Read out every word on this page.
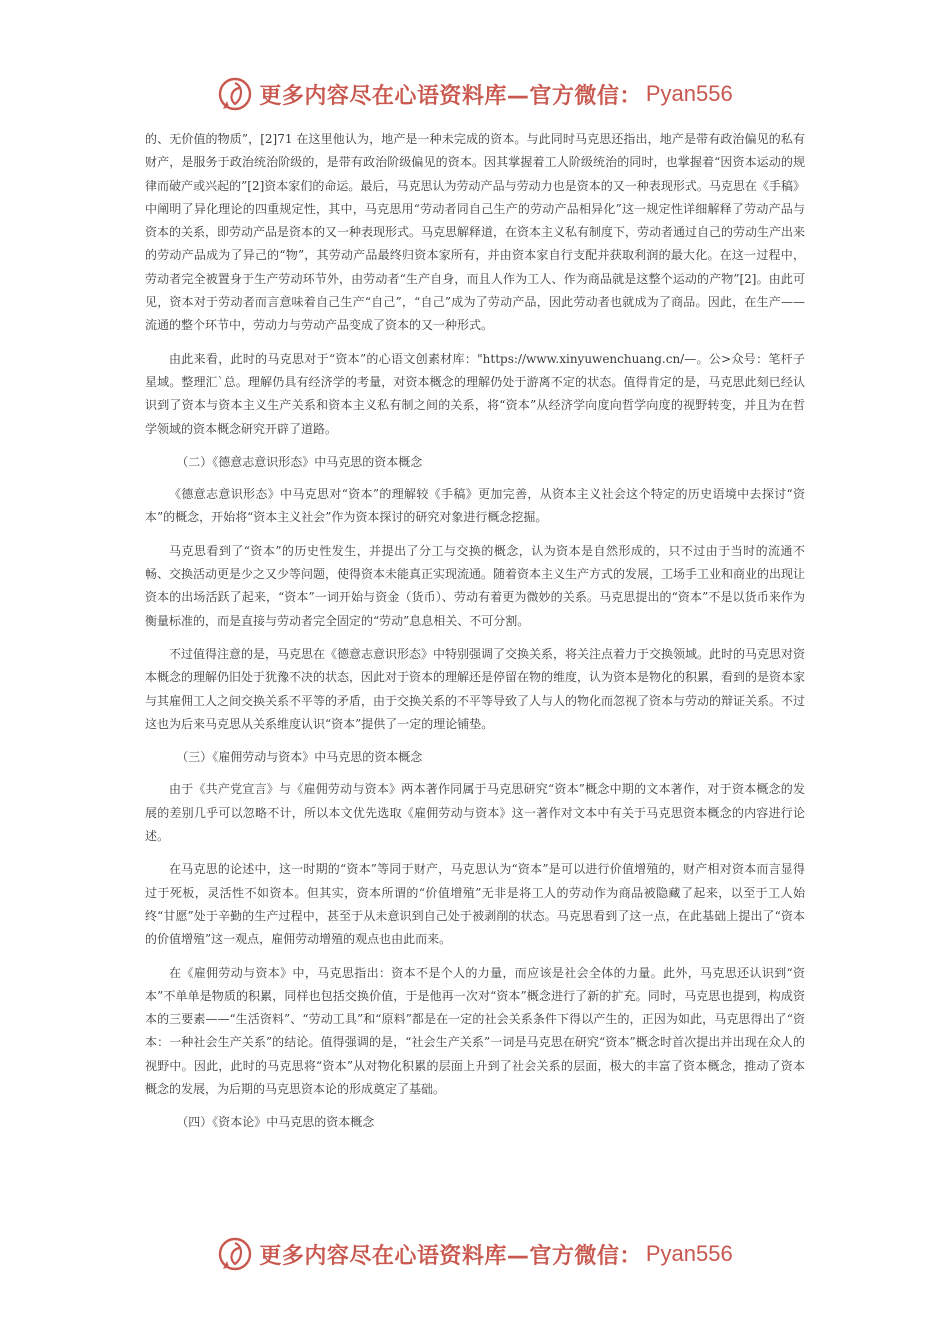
更多内容尽在心语资料库—官方微信： Pyan556

的、无价值的物质”，[2]71 在这里他认为，地产是一种未完成的资本。与此同时马克思还指出，地产是带有政治偏见的私有财产，是服务于政治统治阶级的，是带有政治阶级偏见的资本。因其掌握着工人阶级统治的同时，也掌握着“因资本运动的规律而破产或兴起的”[2]资本家们的命运。最后，马克思认为劳动产品与劳动力也是资本的又一种表现形式。马克思在《手稿》中阐明了异化理论的四重规定性，其中，马克思用“劳动者同自己生产的劳动产品相异化”这一规定性详细解释了劳动产品与资本的关系，即劳动产品是资本的又一种表现形式。马克思解释道，在资本主义私有制度下，劳动者通过自己的劳动生产出来的劳动产品成为了异己的“物”，其劳动产品最终归资本家所有，并由资本家自行支配并获取利润的最大化。在这一过程中，劳动者完全被置身于生产劳动环节外，由劳动者“生产自身，而且人作为工人、作为商品就是这整个运动的产物”[2]。由此可见，资本对于劳动者而言意味着自己生产“自己”，“自己”成为了劳动产品，因此劳动者也就成为了商品。因此，在生产——流通的整个环节中，劳动力与劳动产品变成了资本的又一种形式。

由此来看，此时的马克思对于“资本”的心语文创素材库："https://www.xinyuwenchuang.cn/—。公>众号：笔杆子星域。整理汇`总。理解仍具有经济学的考量，对资本概念的理解仍处于游离不定的状态。值得肯定的是，马克思此刻已经认识到了资本与资本主义生产关系和资本主义私有制之间的关系，将“资本”从经济学向度向哲学向度的视野转变，并且为在哲学领域的资本概念研究开辟了道路。

（二）《德意志意识形态》中马克思的资本概念

《德意志意识形态》中马克思对“资本”的理解较《手稿》更加完善，从资本主义社会这个特定的历史语境中去探讨“资本”的概念，开始将“资本主义社会”作为资本探讨的研究对象进行概念挖掘。

马克思看到了“资本”的历史性发生，并提出了分工与交换的概念，认为资本是自然形成的，只不过由于当时的流通不畅、交换活动更是少之又少等问题，使得资本未能真正实现流通。随着资本主义生产方式的发展，工场手工业和商业的出现让资本的出场活跃了起来，“资本”一词开始与资金（货币）、劳动有着更为微妙的关系。马克思提出的“资本”不是以货币来作为衡量标准的，而是直接与劳动者完全固定的“劳动”息息相关、不可分割。

不过值得注意的是，马克思在《德意志意识形态》中特别强调了交换关系，将关注点着力于交换领域。此时的马克思对资本概念的理解仍旧处于犹豫不决的状态，因此对于资本的理解还是停留在物的维度，认为资本是物化的积累，看到的是资本家与其雇佣工人之间交换关系不平等的矛盾，由于交换关系的不平等导致了人与人的物化而忽视了资本与劳动的辩证关系。不过这也为后来马克思从关系维度认识“资本”提供了一定的理论铺垫。

（三）《雇佣劳动与资本》中马克思的资本概念

由于《共产党宣言》与《雇佣劳动与资本》两本著作同属于马克思研究“资本”概念中期的文本著作，对于资本概念的发展的差别几乎可以忽略不计，所以本文优先选取《雇佣劳动与资本》这一著作对文本中有关于马克思资本概念的内容进行论述。

在马克思的论述中，这一时期的“资本”等同于财产，马克思认为“资本”是可以进行价值增殖的，财产相对资本而言显得过于死板，灵活性不如资本。但其实，资本所谓的“价值增殖”无非是将工人的劳动作为商品被隐藏了起来，以至于工人始终“甘愿”处于辛勤的生产过程中，甚至于从未意识到自己处于被剥削的状态。马克思看到了这一点，在此基础上提出了“资本的价值增殖”这一观点，雇佣劳动增殖的观点也由此而来。

在《雇佣劳动与资本》中，马克思指出：资本不是个人的力量，而应该是社会全体的力量。此外，马克思还认识到“资本”不单单是物质的积累，同样也包括交换价值，于是他再一次对“资本”概念进行了新的扩充。同时，马克思也提到，构成资本的三要素——“生活资料”、“劳动工具”和“原料”都是在一定的社会关系条件下得以产生的，正因为如此，马克思得出了“资本：一种社会生产关系”的结论。值得强调的是，“社会生产关系”一词是马克思在研究“资本”概念时首次提出并出现在众人的视野中。因此，此时的马克思将“资本”从对物化积累的层面上升到了社会关系的层面，极大的丰富了资本概念，推动了资本概念的发展，为后期的马克思资本论的形成奠定了基础。

（四）《资本论》中马克思的资本概念

更多内容尽在心语资料库—官方微信： Pyan556
